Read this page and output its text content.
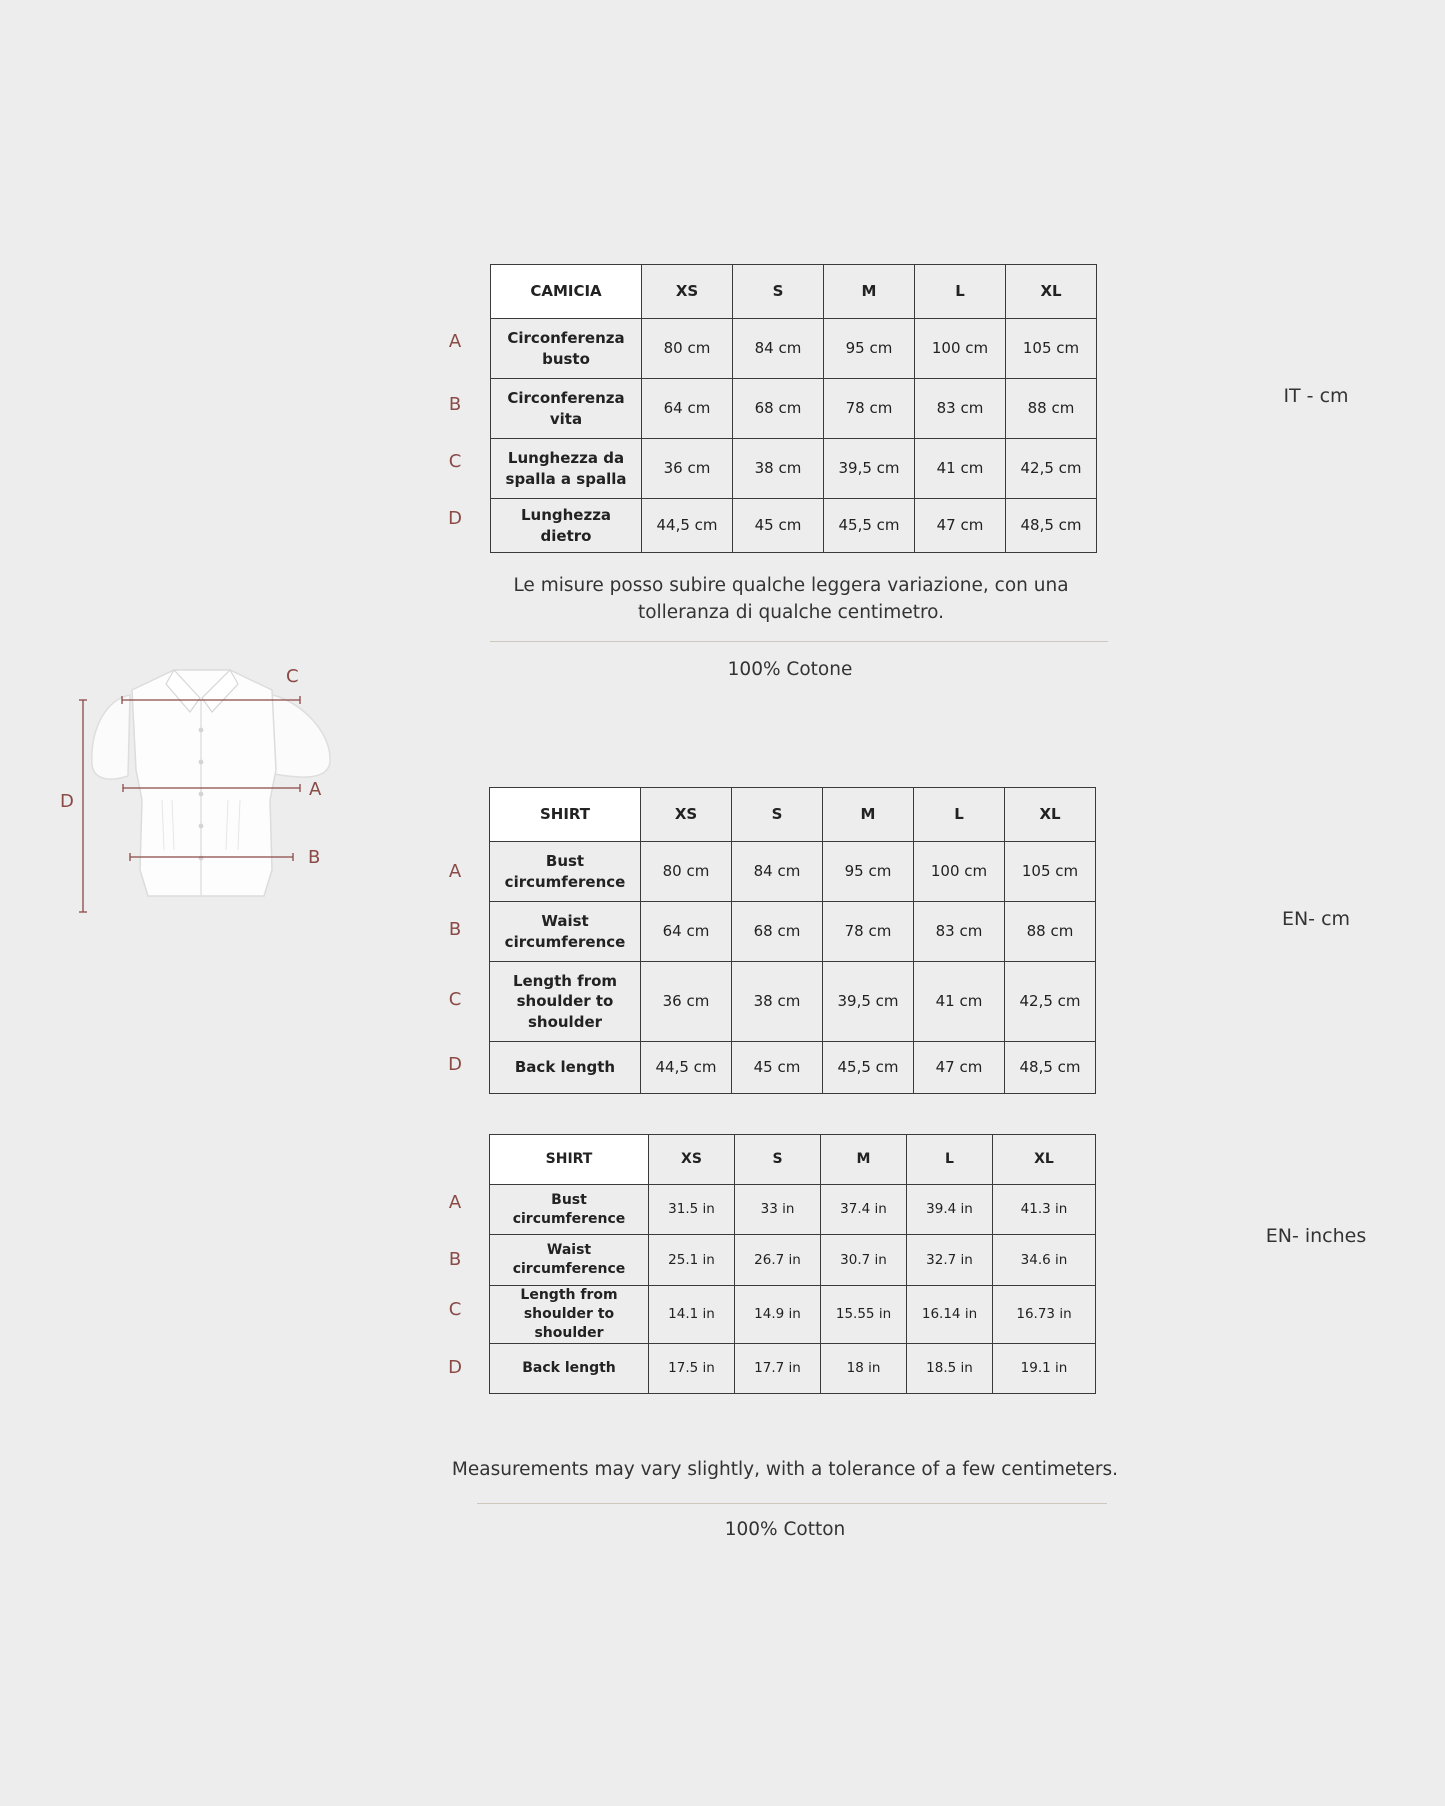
C
A
B
D
A
B
C
D
CAMICIA	XS	S	M	L	XL
Circonferenza busto	80 cm	84 cm	95 cm	100 cm	105 cm
Circonferenza vita	64 cm	68 cm	78 cm	83 cm	88 cm
Lunghezza da spalla a spalla	36 cm	38 cm	39,5 cm	41 cm	42,5 cm
Lunghezza dietro	44,5 cm	45 cm	45,5 cm	47 cm	48,5 cm
IT - cm
Le misure posso subire qualche leggera variazione, con una tolleranza di qualche centimetro.
100% Cotone
A
B
C
D
SHIRT	XS	S	M	L	XL
Bust circumference	80 cm	84 cm	95 cm	100 cm	105 cm
Waist circumference	64 cm	68 cm	78 cm	83 cm	88 cm
Length from shoulder to shoulder	36 cm	38 cm	39,5 cm	41 cm	42,5 cm
Back length	44,5 cm	45 cm	45,5 cm	47 cm	48,5 cm
EN- cm
A
B
C
D
SHIRT	XS	S	M	L	XL
Bust circumference	31.5 in	33 in	37.4 in	39.4 in	41.3 in
Waist circumference	25.1 in	26.7 in	30.7 in	32.7 in	34.6 in
Length from shoulder to shoulder	14.1 in	14.9 in	15.55 in	16.14 in	16.73 in
Back length	17.5 in	17.7 in	18 in	18.5 in	19.1 in
EN- inches
Measurements may vary slightly, with a tolerance of a few centimeters.
100% Cotton
